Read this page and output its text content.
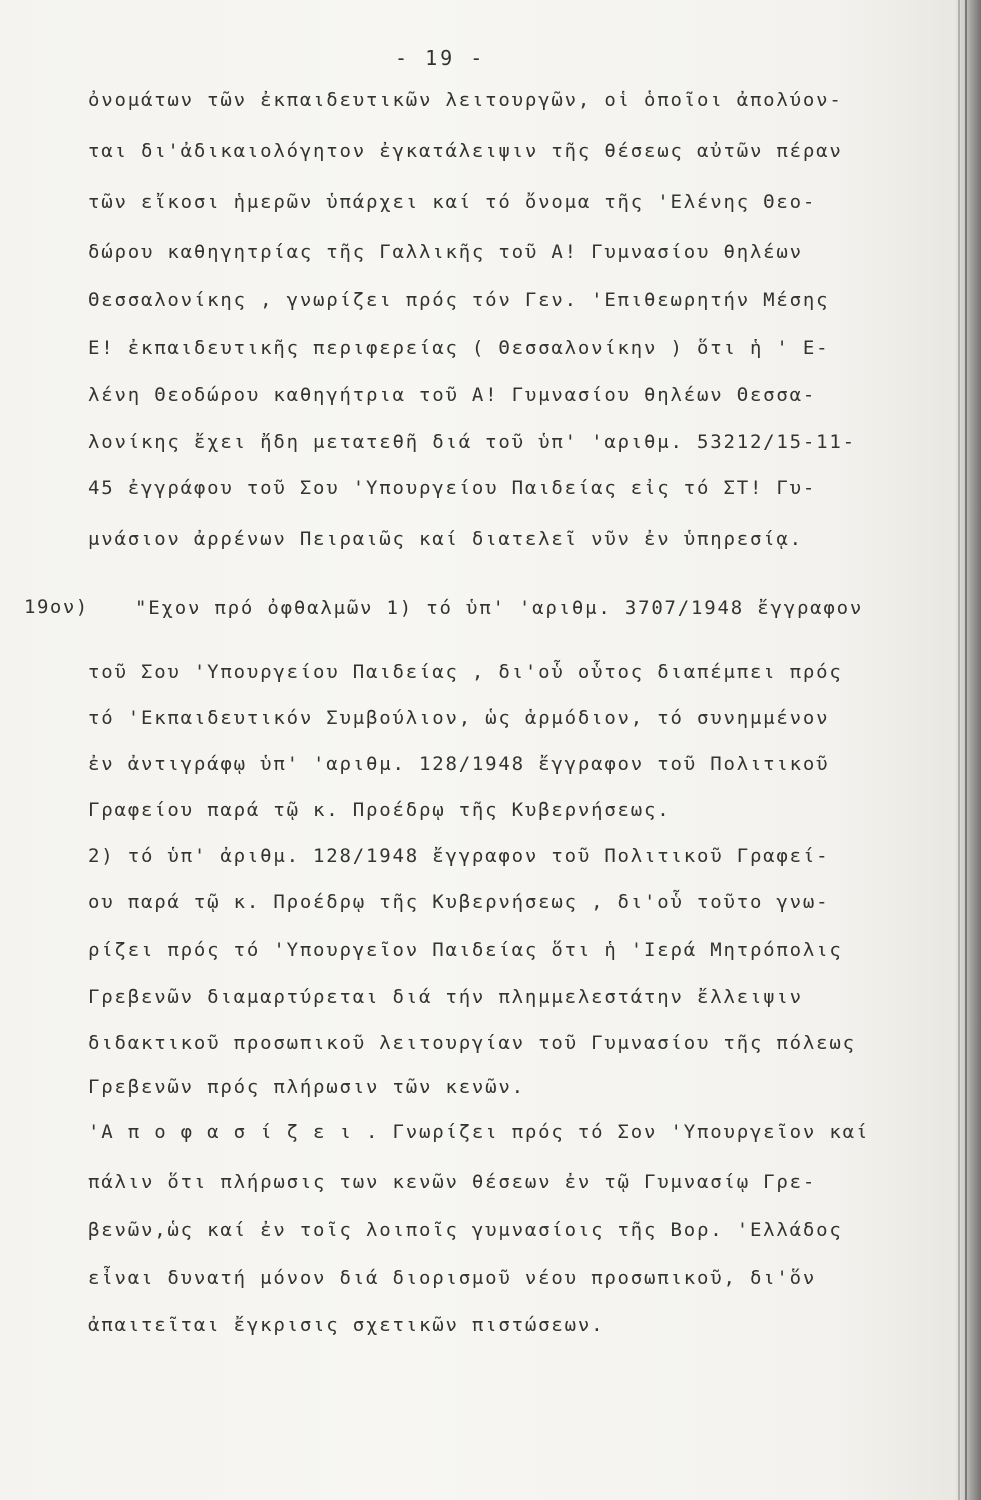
- 19 -
ὀνομάτων τῶν ἐκπαιδευτικῶν λειτουργῶν, οἱ ὁποῖοι ἀπολύον-
ται δι'ἀδικαιολόγητον ἐγκατάλειψιν τῆς θέσεως αὐτῶν πέραν
τῶν εἴκοσι ἡμερῶν ὑπάρχει καί τό ὄνομα τῆς 'Ελένης Θεο-
δώρου καθηγητρίας τῆς Γαλλικῆς τοῦ Α! Γυμνασίου θηλέων
Θεσσαλονίκης , γνωρίζει πρός τόν Γεν. 'Επιθεωρητήν Μέσης
Ε! ἐκπαιδευτικῆς περιφερείας ( Θεσσαλονίκην ) ὅτι ἡ ' Ε-
λένη Θεοδώρου καθηγήτρια τοῦ Α! Γυμνασίου θηλέων Θεσσα-
λονίκης ἔχει ἤδη μετατεθῆ διά τοῦ ὑπ' 'αριθμ. 53212/15-11-
45 ἐγγράφου τοῦ Σου 'Υπουργείου Παιδείας εἰς τό ΣΤ! Γυ-
μνάσιον ἀρρένων Πειραιῶς καί διατελεῖ νῦν ἐν ὑπηρεσίᾳ.
19ον) "Εχον πρό ὀφθαλμῶν 1) τό ὑπ' 'αριθμ. 3707/1948 ἔγγραφον
τοῦ Σου 'Υπουργείου Παιδείας , δι'οὗ οὗτος διαπέμπει πρός
τό 'Εκπαιδευτικόν Συμβούλιον, ὡς ἁρμόδιον, τό συνημμένον
ἐν ἀντιγράφῳ ὑπ' 'αριθμ. 128/1948 ἔγγραφον τοῦ Πολιτικοῦ
Γραφείου παρά τῷ κ. Προέδρῳ τῆς Κυβερνήσεως.
2) τό ὑπ' ἀριθμ. 128/1948 ἔγγραφον τοῦ Πολιτικοῦ Γραφεί-
ου παρά τῷ κ. Προέδρῳ τῆς Κυβερνήσεως , δι'οὗ τοῦτο γνω-
ρίζει πρός τό 'Υπουργεῖον Παιδείας ὅτι ἡ 'Ιερά Μητρόπολις
Γρεβενῶν διαμαρτύρεται διά τήν πλημμελεστάτην ἔλλειψιν
διδακτικοῦ προσωπικοῦ λειτουργίαν τοῦ Γυμνασίου τῆς πόλεως
Γρεβενῶν πρός πλήρωσιν τῶν κενῶν.
'Α π ο φ α σ ί ζ ε ι . Γνωρίζει πρός τό Σον 'Υπουργεῖον καί
πάλιν ὅτι πλήρωσις των κενῶν θέσεων ἐν τῷ Γυμνασίῳ Γρε-
βενῶν,ὡς καί ἐν τοῖς λοιποῖς γυμνασίοις τῆς Βορ. 'Ελλάδος
εἶναι δυνατή μόνον διά διορισμοῦ νέου προσωπικοῦ, δι'ὅν
ἀπαιτεῖται ἔγκρισις σχετικῶν πιστώσεων.
